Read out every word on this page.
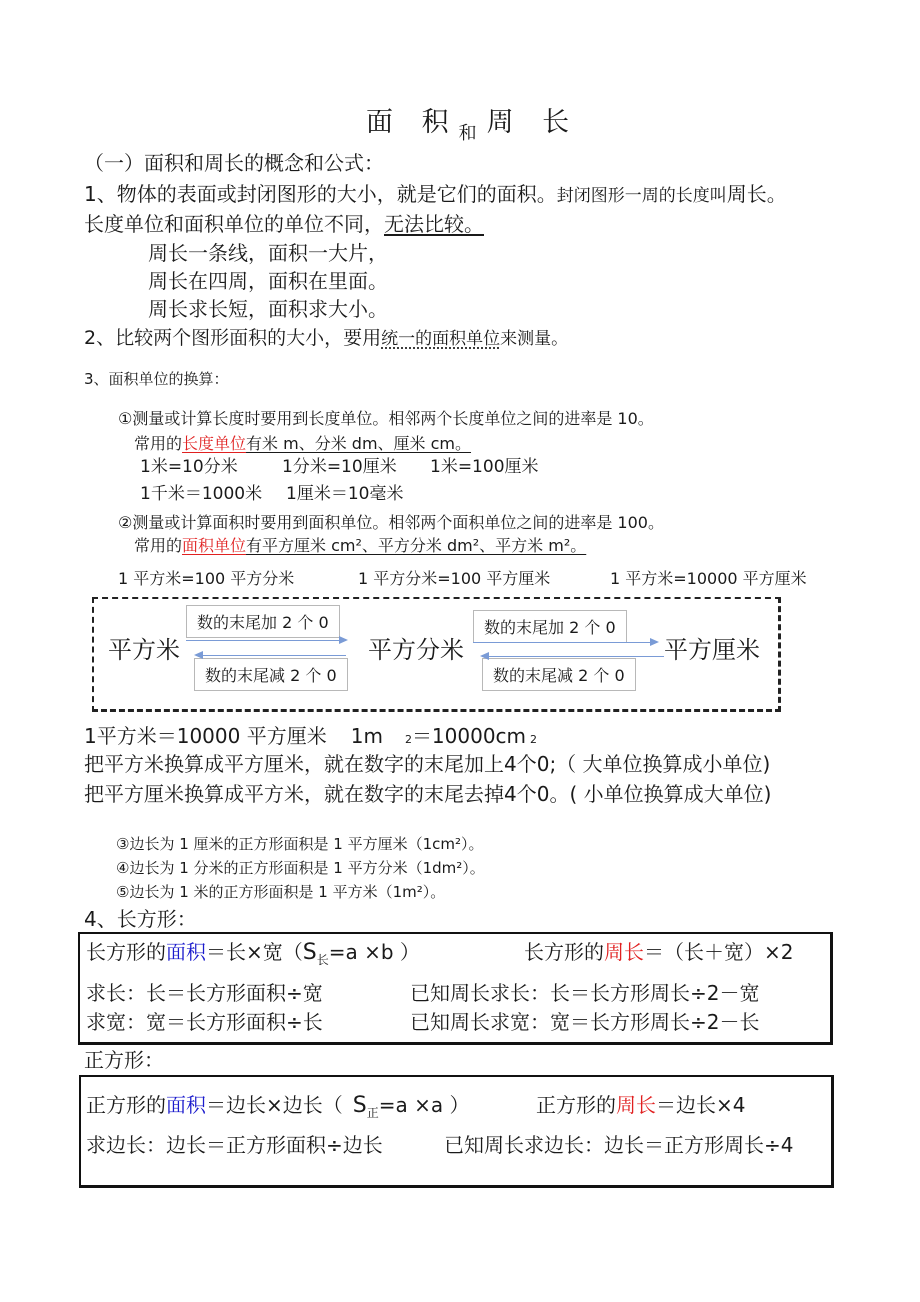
面 积$_和$ 周 长
（一）面积和周长的概念和公式：
1、物体的表面或封闭图形的大小，就是它们的面积。封闭图形一周的长度叫周长。
长度单位和面积单位的单位不同，无法比较。
周长一条线，面积一大片，
周长在四周，面积在里面。
周长求长短，面积求大小。
2、比较两个图形面积的大小，要用统一的面积单位来测量。
3、面积单位的换算：
①测量或计算长度时要用到长度单位。相邻两个长度单位之间的进率是 10。
常用的长度单位有米 m、分米 dm、厘米 cm。
1米=10分米	1分米=10厘米 1米=100厘米
1千米＝1000米 1厘米＝10毫米
②测量或计算面积时要用到面积单位。相邻两个面积单位之间的进率是 100。
常用的面积单位有平方厘米 cm²、平方分米 dm²、平方米 m²。
1 平方米=100 平方分米	1 平方分米=100 平方厘米	1 平方米=10000 平方厘米
平方米	平方分米	平方厘米
数的末尾加 2 个 0	数的末尾加 2 个 0
数的末尾减 2 个 0	数的末尾减 2 个 0
1平方米＝10000 平方厘米 1m 2＝10000cm 2
把平方米换算成平方厘米，就在数字的末尾加上4个0;（ 大单位换算成小单位)
把平方厘米换算成平方米，就在数字的末尾去掉4个0。( 小单位换算成大单位)
③边长为 1 厘米的正方形面积是 1 平方厘米（1cm²）。
④边长为 1 分米的正方形面积是 1 平方分米（1dm²）。
⑤边长为 1 米的正方形面积是 1 平方米（1m²）。
4、长方形：
长方形的面积＝长×宽（$S_长=a \times b$ ）	长方形的周长＝（长＋宽）×2
求长：长＝长方形面积÷宽	已知周长求长：长＝长方形周长÷2－宽
求宽：宽＝长方形面积÷长	已知周长求宽：宽＝长方形周长÷2－长
正方形：
正方形的面积＝边长×边长（ $S_正=a \times a$ ）	正方形的周长＝边长×4
求边长：边长＝正方形面积÷边长	已知周长求边长：边长＝正方形周长÷4
